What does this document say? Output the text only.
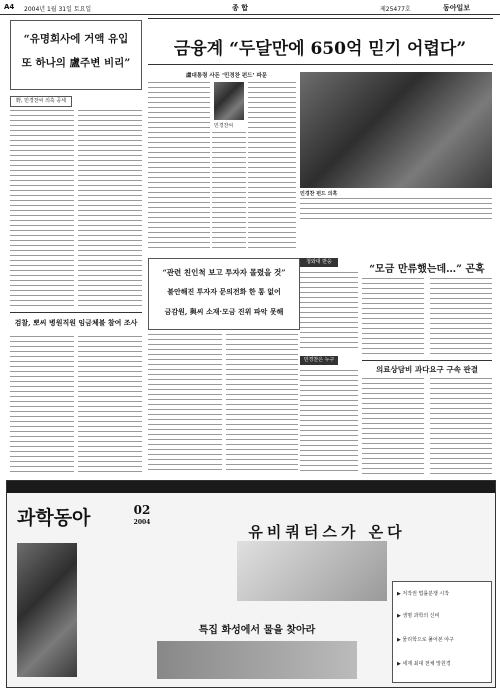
A4 2004년 1월 31일 토요일	종 합	제25477호	동아일보
“유명회사에 거액 유입
또 하나의 盧주변 비리”
野, 민경찬씨 의혹 공세
금융계 “두달만에 650억 믿기 어렵다”
盧대통령 사돈 ‘민경찬 펀드’ 파문
민경찬씨
민경찬 펀드 의혹
“관련 친인척 보고 투자자 몰렸을 것”
불안해진 투자자 문의전화 한 통 없어
금감원, 與씨 소재·모금 진위 파악 못해
검찰, 뽀씨 병원직원 임금체불 참여 조사
청와대 반응
민경찬은 누구
“모금 만류했는데…” 곤혹
의료상담비 과다요구 구속 판결
과학동아	02
2004
유비쿼터스가 온다
특집 화성에서 물을 찾아라
▶ 저작권 법률분쟁 시작
▶ 생명 과학의 신비
▶ 물리학으로 풀어본 야구
▶ 세계 최대 천체 망원경
